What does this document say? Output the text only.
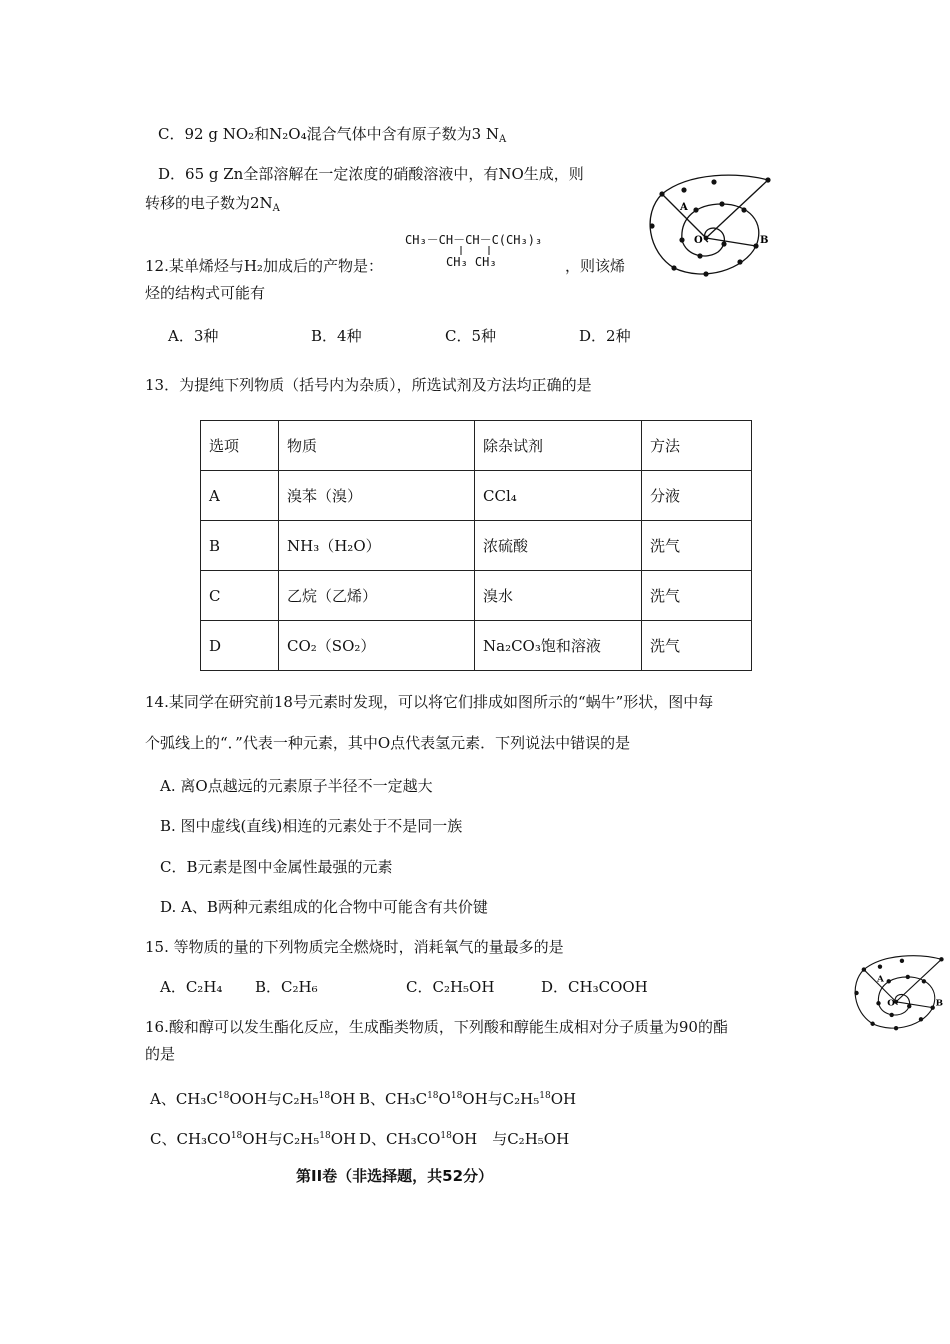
C．92 g NO₂和N₂O₄混合气体中含有原子数为3 $N_A$
D．65 g Zn全部溶解在一定浓度的硝酸溶液中，有NO生成，则
转移的电子数为$2N_A$	A
O	B
CH₃－CH－CH－C(CH₃)₃
CH₃ CH₃
12.某单烯烃与H₂加成后的产物是：	，则该烯
烃的结构式可能有
A．3种	B．4种	C．5种	D．2种
13．为提纯下列物质（括号内为杂质），所选试剂及方法均正确的是
选项	物质	除杂试剂	方法
A	溴苯（溴）	CCl₄	分液
B	NH₃（H₂O）	浓硫酸	洗气
C	乙烷（乙烯）	溴水	洗气
D	CO₂（SO₂）	Na₂CO₃饱和溶液	洗气
14.某同学在研究前18号元素时发现，可以将它们排成如图所示的“蜗牛”形状，图中每
个弧线上的“．”代表一种元素，其中O点代表氢元素．下列说法中错误的是
A. 离O点越远的元素原子半径不一定越大
B. 图中虚线(直线)相连的元素处于不是同一族
C．B元素是图中金属性最强的元素
D. A、B两种元素组成的化合物中可能含有共价键
15. 等物质的量的下列物质完全燃烧时，消耗氧气的量最多的是
A．C₂H₄ B．C₂H₆	C．C₂H₅OH	D．CH₃COOH	A
O	B
16.酸和醇可以发生酯化反应，生成酯类物质，下列酸和醇能生成相对分子质量为90的酯
的是
A、$CH_3C^{18}OOH$与C₂H₅$^{18}$OH B、$CH_3C^{18}O^{18}OH$与C₂H₅$^{18}$OH
C、CH₃CO$^{18}$OH与C₂H₅$^{18}$OH D、CH₃CO$^{18}$OH　与C₂H₅OH
第II卷（非选择题，共52分）
